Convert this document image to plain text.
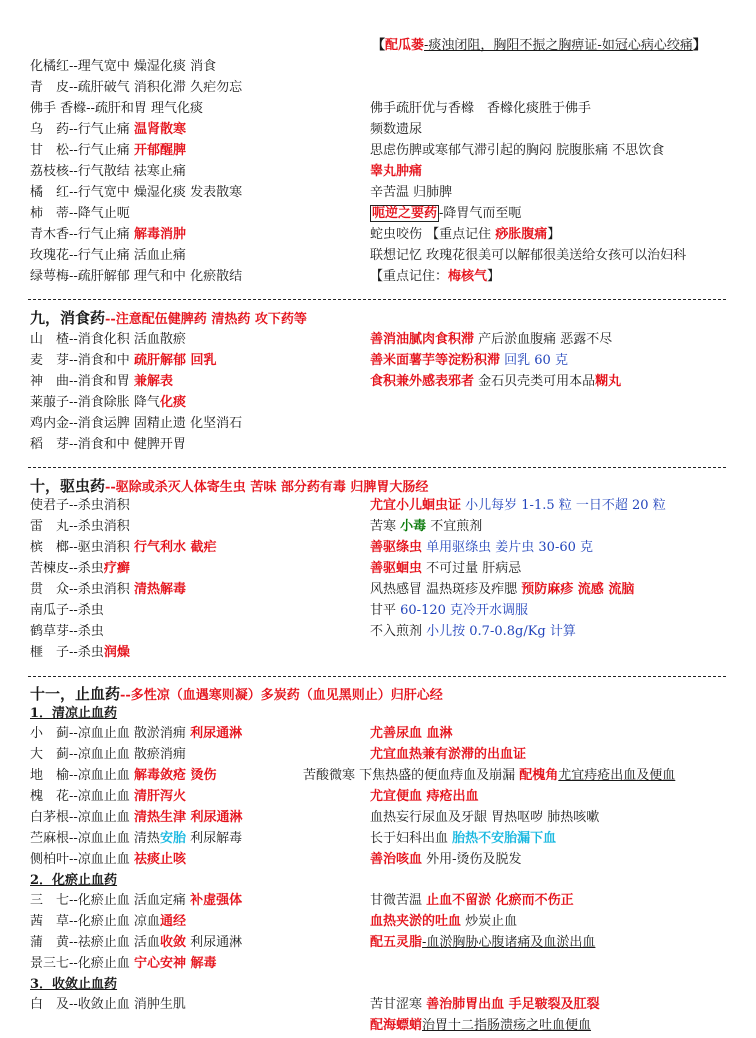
【配瓜蒌-痰浊闭阻，胸阳不振之胸痹证-如冠心病心绞痛】
化橘红--理气宽中 燥湿化痰 消食
青　皮--疏肝破气 消积化滞 久疟勿忘
佛手 香橼--疏肝和胃 理气化痰
乌　药--行气止痛 温肾散寒
甘　松--行气止痛 开郁醒脾
荔枝核--行气散结 祛寒止痛
橘　红--行气宽中 燥湿化痰 发表散寒
柿　蒂--降气止呃
青木香--行气止痛 解毒消肿
玫瑰花--行气止痛 活血止痛
绿萼梅--疏肝解郁 理气和中 化瘀散结
佛手疏肝优与香橼　香橼化痰胜于佛手
频数遗尿
思虑伤脾或寒郁气滞引起的胸闷 脘腹胀痛 不思饮食
睾丸肿痛
辛苦温 归肺脾
呃逆之要药 -降胃气而至呃
蛇虫咬伤 【重点记住 痧胀腹痛】
联想记忆 玫瑰花很美可以解郁很美送给女孩可以治妇科
【重点记住：梅核气】
九，消食药--注意配伍健脾药 清热药 攻下药等
山　楂--消食化积 活血散瘀
麦　芽--消食和中 疏肝解郁 回乳
神　曲--消食和胃 兼解表
莱菔子--消食除胀 降气化痰
鸡内金--消食运脾 固精止遗 化坚消石
稻　芽--消食和中 健脾开胃
善消油腻肉食积滞 产后淤血腹痛 恶露不尽
善米面薯芋等淀粉积滞 回乳 60 克
食积兼外感表邪者 金石贝壳类可用本品糊丸
十，驱虫药--驱除或杀灭人体寄生虫 苦味 部分药有毒 归脾胃大肠经
使君子--杀虫消积
雷　丸--杀虫消积
槟　榔--驱虫消积 行气利水 截疟
苦楝皮--杀虫疗癣
贯　众--杀虫消积 清热解毒
南瓜子--杀虫
鹤草芽--杀虫
榧　子--杀虫润燥
尤宜小儿蛔虫证 小儿每岁 1-1.5 粒 一日不超 20 粒
苦寒 小毒 不宜煎剂
善驱绦虫 单用驱绦虫 姜片虫 30-60 克
善驱蛔虫 不可过量 肝病忌
风热感冒 温热斑疹及痄腮 预防麻疹 流感 流脑
甘平 60-120 克冷开水调服
不入煎剂 小儿按 0.7-0.8g/Kg 计算
十一，止血药--多性凉（血遇寒则凝）多炭药（血见黑则止）归肝心经
1．清凉止血药
小　蓟--凉血止血 散淤消痈 利尿通淋
大　蓟--凉血止血 散瘀消痈
地　榆--凉血止血 解毒敛疮 烫伤
槐　花--凉血止血 清肝泻火
白茅根--凉血止血 清热生津 利尿通淋
苎麻根--凉血止血 清热安胎 利尿解毒
侧柏叶--凉血止血 祛痰止咳
尤善尿血 血淋
尤宜血热兼有淤滞的出血证
苦酸微寒 下焦热盛的便血痔血及崩漏 配槐角尤宜痔疮出血及便血
尤宜便血 痔疮出血
血热妄行尿血及牙龈 胃热呕哕 肺热咳嗽
长于妇科出血 胎热不安胎漏下血
善治咳血 外用-烫伤及脱发
2．化瘀止血药
三　七--化瘀止血 活血定痛 补虚强体
茜　草--化瘀止血 凉血通经
蒲　黄--祛瘀止血 活血收敛 利尿通淋
景三七--化瘀止血 宁心安神 解毒
甘微苦温 止血不留淤 化瘀而不伤正
血热夹淤的吐血 炒炭止血
配五灵脂-血淤胸胁心腹诸痛及血淤出血
3．收敛止血药
白　及--收敛止血 消肿生肌	苦甘涩寒 善治肺胃出血 手足皲裂及肛裂
配海螵蛸治胃十二指肠溃疡之吐血便血
